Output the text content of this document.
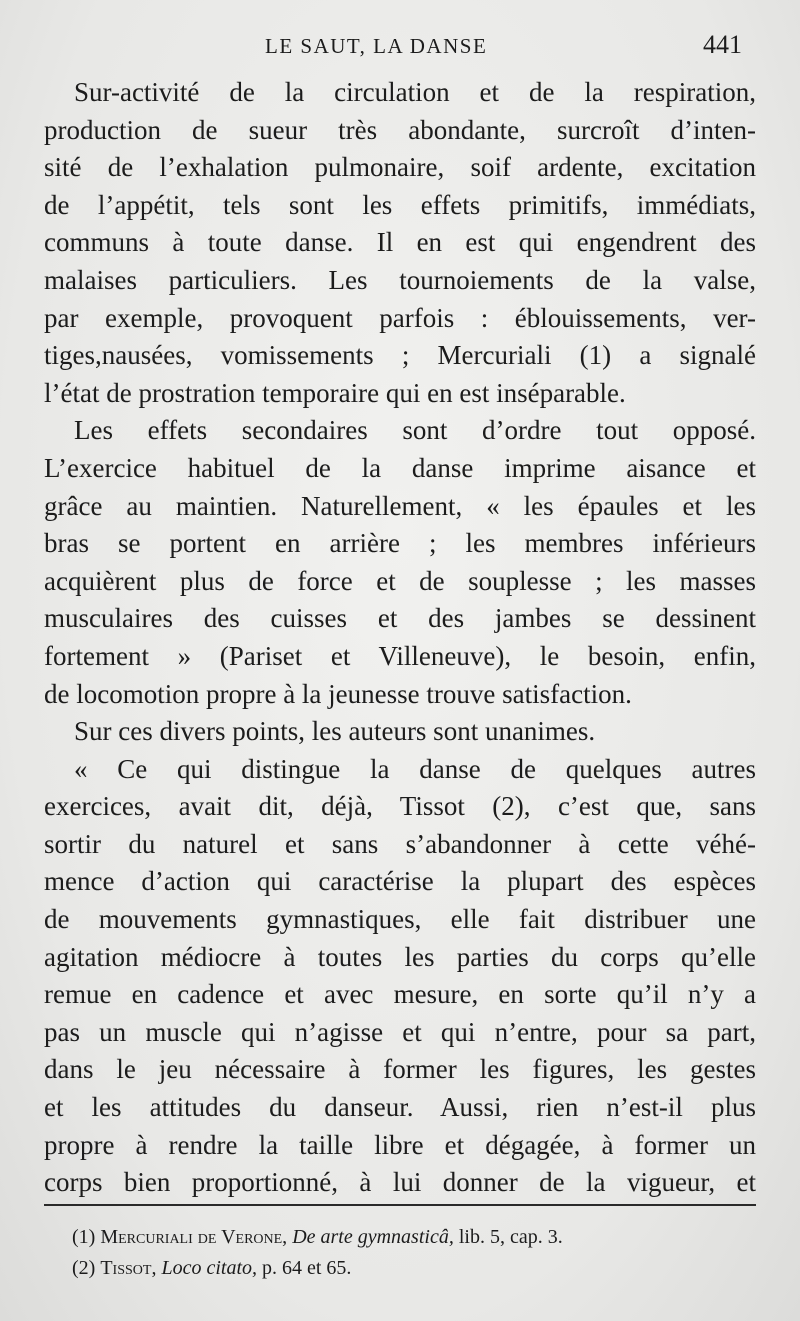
LE SAUT, LA DANSE	441
Sur-activité de la circulation et de la respiration,
production de sueur très abondante, surcroît d’inten-
sité de l’exhalation pulmonaire, soif ardente, excitation
de l’appétit, tels sont les effets primitifs, immédiats,
communs à toute danse. Il en est qui engendrent des
malaises particuliers. Les tournoiements de la valse,
par exemple, provoquent parfois : éblouissements, ver-
tiges,nausées, vomissements ; Mercuriali (1) a signalé
l’état de prostration temporaire qui en est inséparable.
Les effets secondaires sont d’ordre tout opposé.
L’exercice habituel de la danse imprime aisance et
grâce au maintien. Naturellement, « les épaules et les
bras se portent en arrière ; les membres inférieurs
acquièrent plus de force et de souplesse ; les masses
musculaires des cuisses et des jambes se dessinent
fortement » (Pariset et Villeneuve), le besoin, enfin,
de locomotion propre à la jeunesse trouve satisfaction.
Sur ces divers points, les auteurs sont unanimes.
« Ce qui distingue la danse de quelques autres
exercices, avait dit, déjà, Tissot (2), c’est que, sans
sortir du naturel et sans s’abandonner à cette véhé-
mence d’action qui caractérise la plupart des espèces
de mouvements gymnastiques, elle fait distribuer une
agitation médiocre à toutes les parties du corps qu’elle
remue en cadence et avec mesure, en sorte qu’il n’y a
pas un muscle qui n’agisse et qui n’entre, pour sa part,
dans le jeu nécessaire à former les figures, les gestes
et les attitudes du danseur. Aussi, rien n’est-il plus
propre à rendre la taille libre et dégagée, à former un
corps bien proportionné, à lui donner de la vigueur, et
(1) Mercuriali de Verone, De arte gymnasticâ, lib. 5, cap. 3.
(2) Tissot, Loco citato, p. 64 et 65.
